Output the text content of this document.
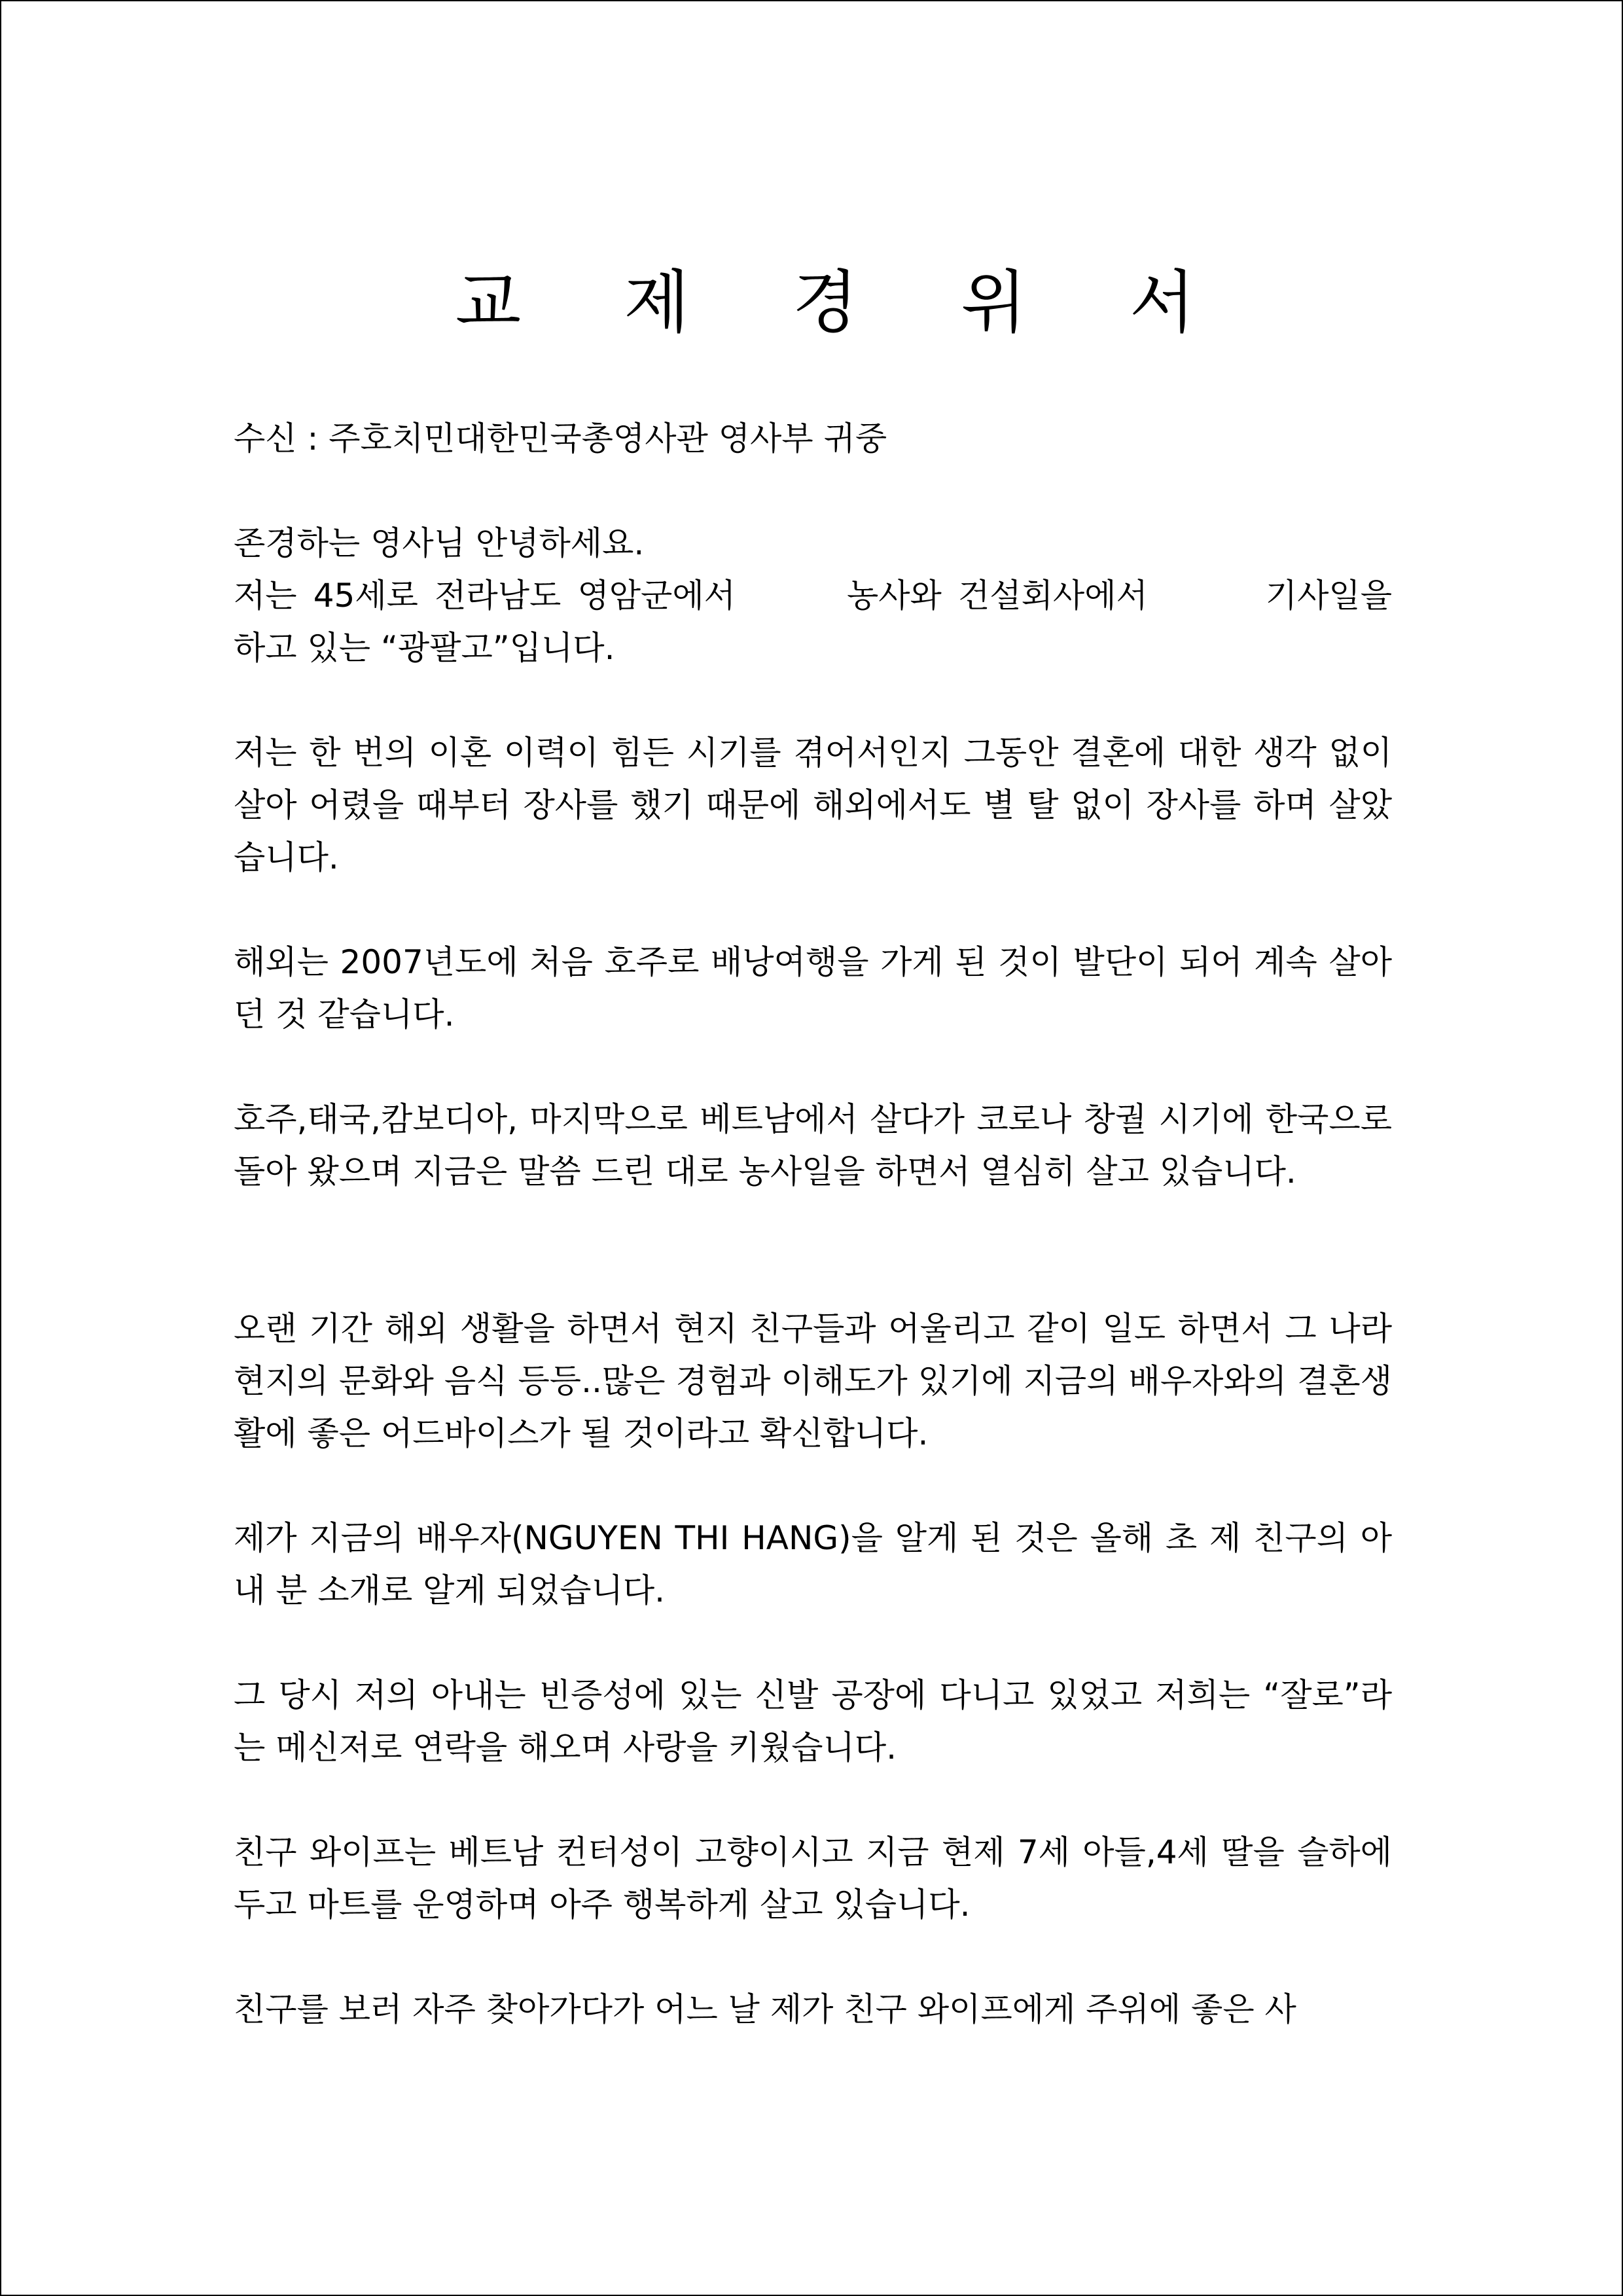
교 제 경 위 서
수신 : 주호치민대한민국총영사관 영사부 귀중

존경하는 영사님 안녕하세요.

저는 45세로 전라남도 영암군에서	농사와 건설회사에서	기사일을 하고 있는 “광팔고”입니다.

저는 한 번의 이혼 이력이 힘든 시기를 겪어서인지 그동안 결혼에 대한 생각 없이 살아 어렸을 때부터 장사를 했기 때문에 해외에서도 별 탈 없이 장사를 하며 살았습니다.
해외는 2007년도에 처음 호주로 배낭여행을 가게 된 것이 발단이 되어 계속 살아 던 것 같습니다.
호주,태국,캄보디아, 마지막으로 베트남에서 살다가 코로나 창궐 시기에 한국으로 돌아 왔으며 지금은 말씀 드린 대로 농사일을 하면서 열심히 살고 있습니다.
오랜 기간 해외 생활을 하면서 현지 친구들과 어울리고 같이 일도 하면서 그 나라 현지의 문화와 음식 등등..많은 경험과 이해도가 있기에 지금의 배우자와의 결혼생활에 좋은 어드바이스가 될 것이라고 확신합니다.
제가 지금의 배우자(NGUYEN THI HANG)을 알게 된 것은 올해 초 제 친구의 아내 분 소개로 알게 되었습니다.
그 당시 저의 아내는 빈증성에 있는 신발 공장에 다니고 있었고 저희는 “잘로”라는 메신저로 연락을 해오며 사랑을 키웠습니다.
친구 와이프는 베트남 컨터성이 고향이시고 지금 현제 7세 아들,4세 딸을 슬하에 두고 마트를 운영하며 아주 행복하게 살고 있습니다.
친구를 보러 자주 찾아가다가 어느 날 제가 친구 와이프에게 주위에 좋은 사
